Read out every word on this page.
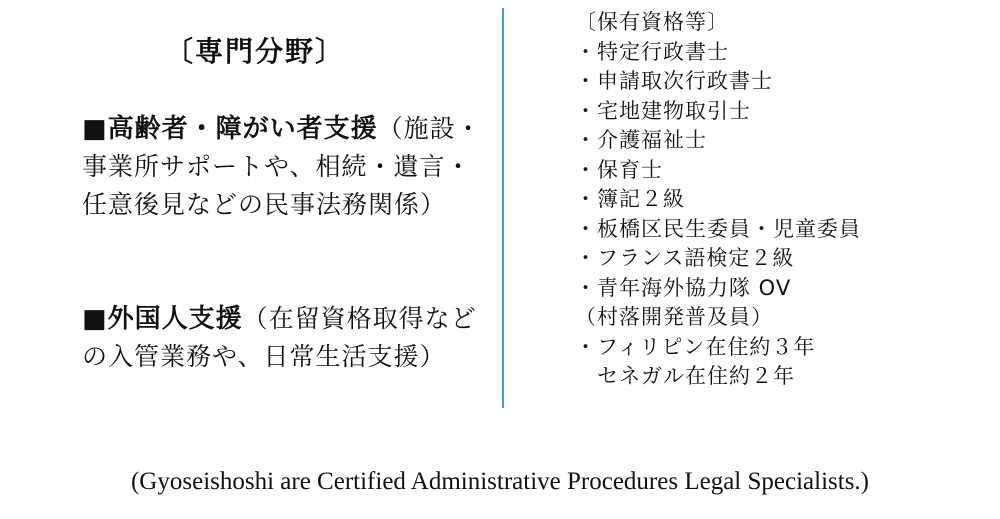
〔専門分野〕
■高齢者・障がい者支援（施設・事業所サポートや、相続・遺言・任意後見などの民事法務関係）
■外国人支援（在留資格取得などの入管業務や、日常生活支援）
〔保有資格等〕
・特定行政書士
・申請取次行政書士
・宅地建物取引士
・介護福祉士
・保育士
・簿記２級
・板橋区民生委員・児童委員
・フランス語検定２級
・青年海外協力隊 OV
（村落開発普及員）
・フィリピン在住約３年
　セネガル在住約２年
(Gyoseishoshi are Certified Administrative Procedures Legal Specialists.)
